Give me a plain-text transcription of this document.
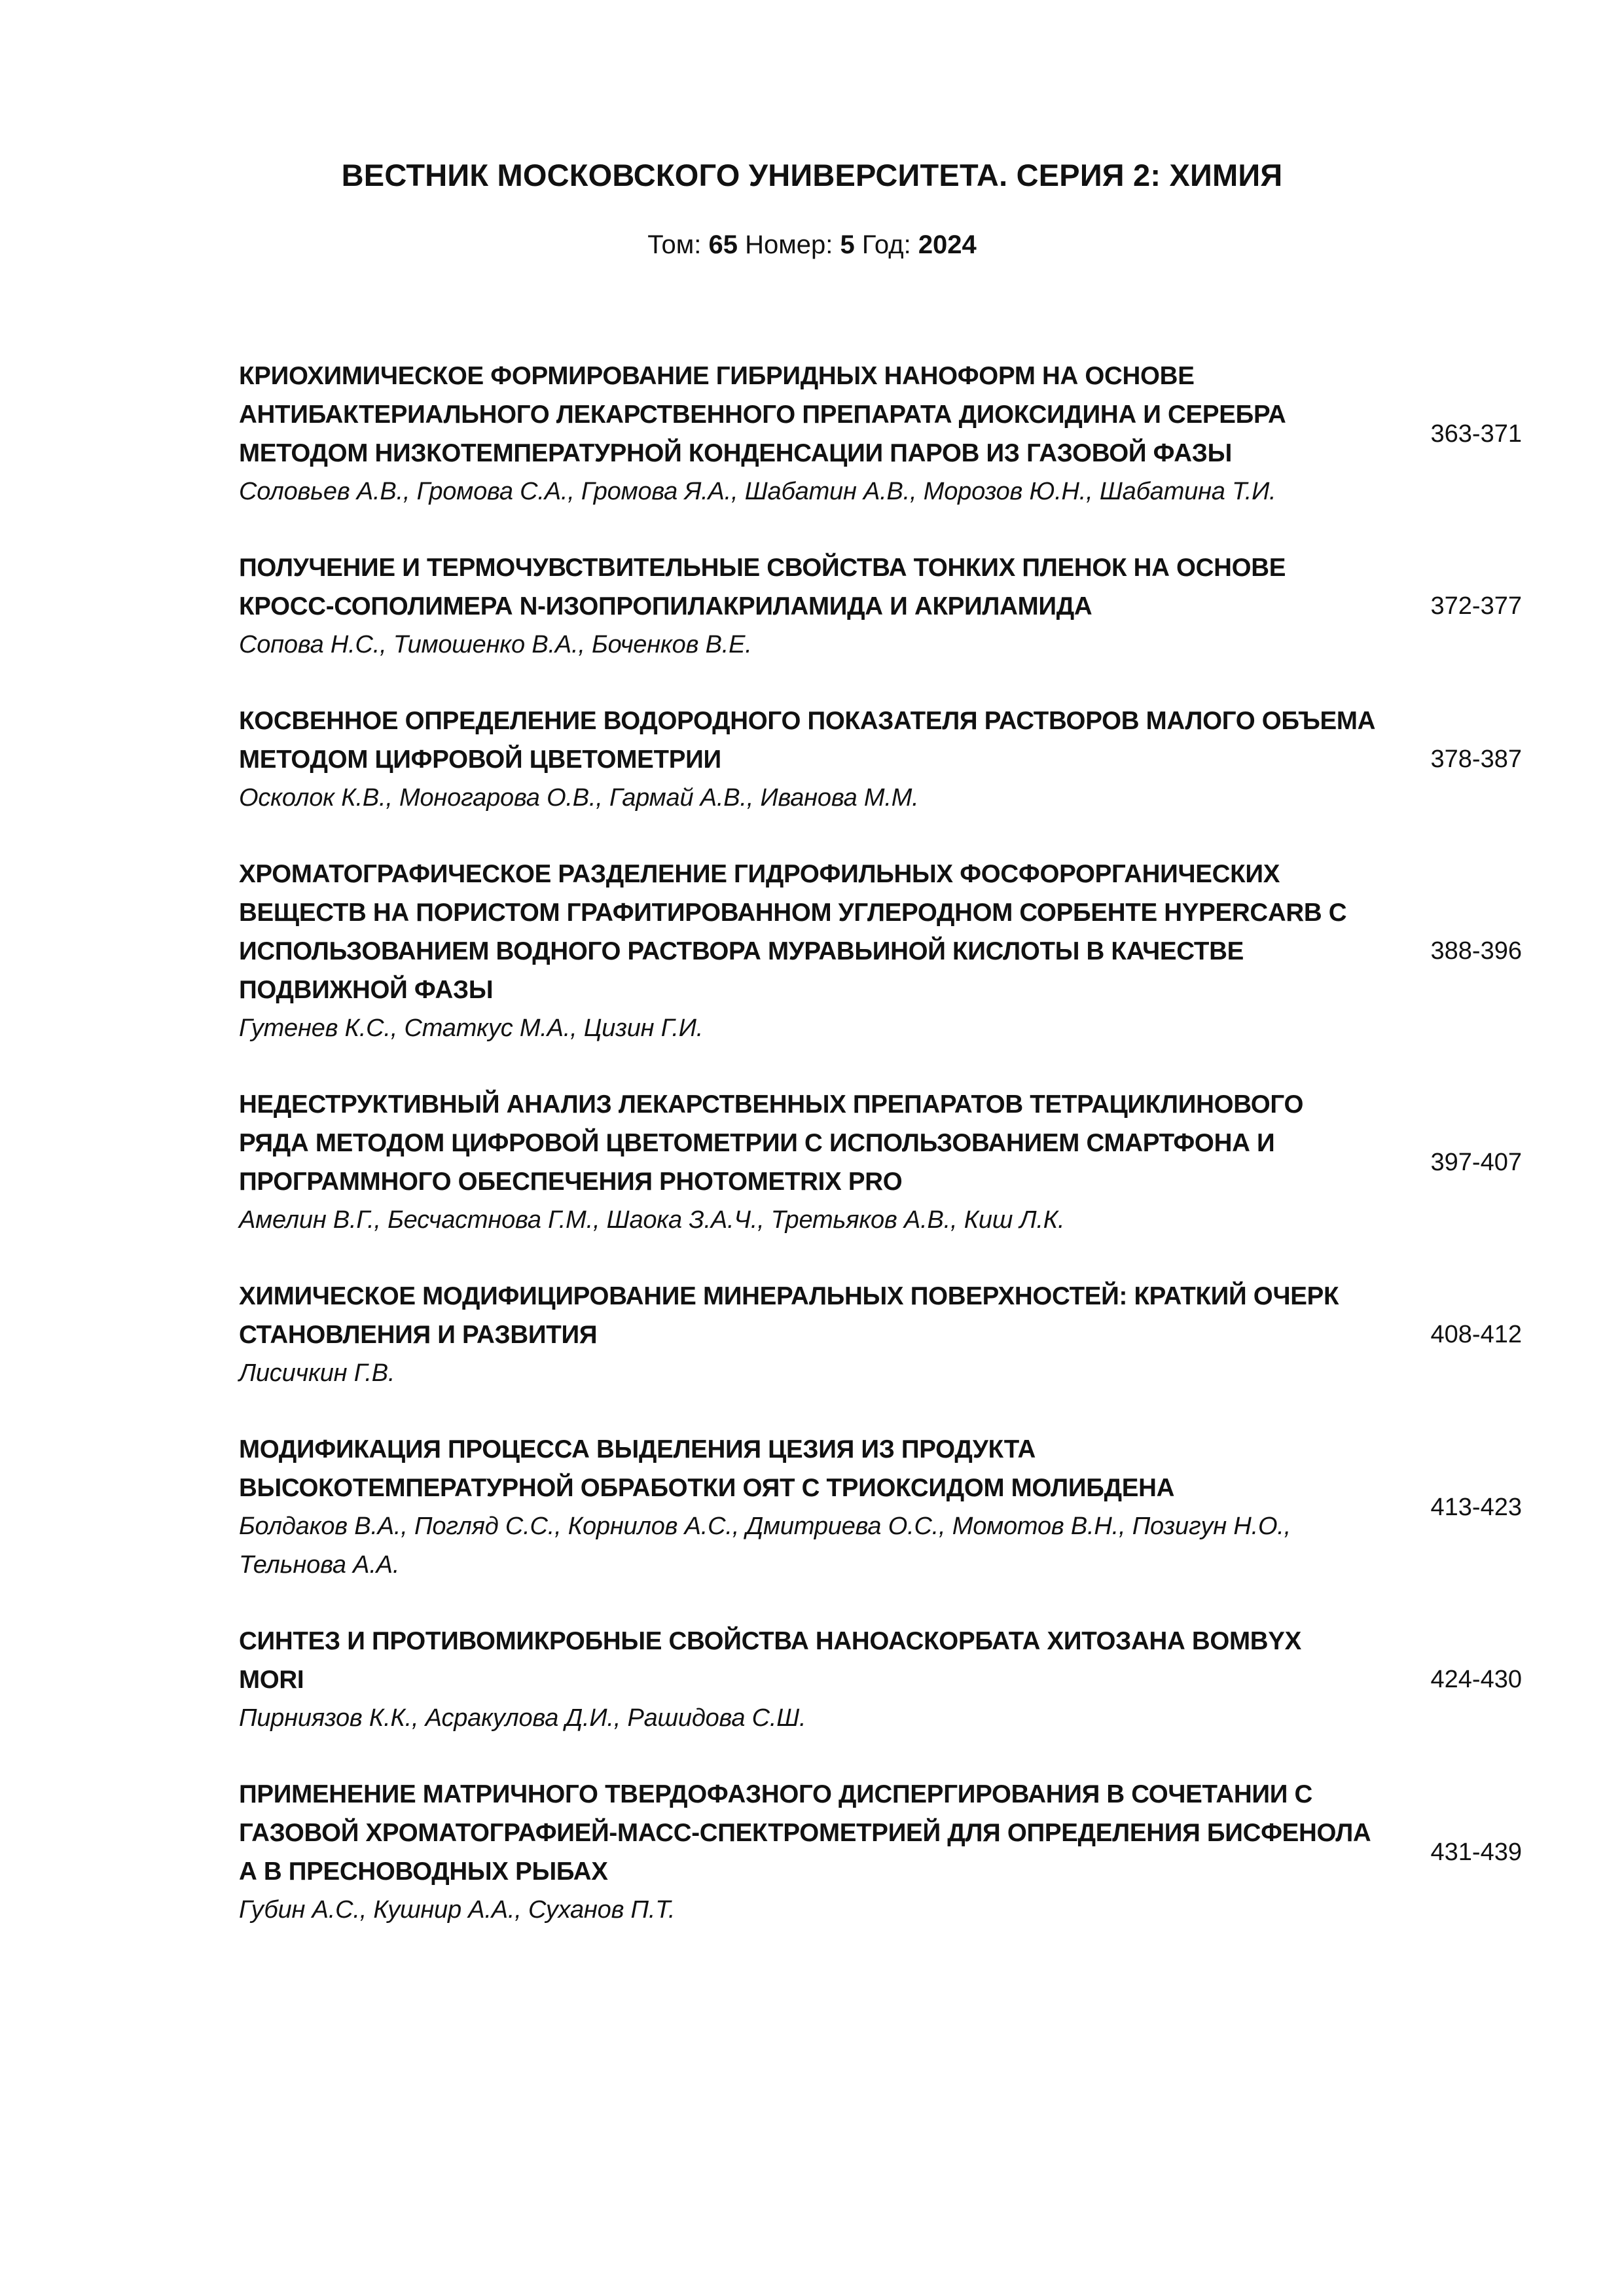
ВЕСТНИК МОСКОВСКОГО УНИВЕРСИТЕТА. СЕРИЯ 2: ХИМИЯ
Том: 65 Номер: 5 Год: 2024
КРИОХИМИЧЕСКОЕ ФОРМИРОВАНИЕ ГИБРИДНЫХ НАНОФОРМ НА ОСНОВЕ
АНТИБАКТЕРИАЛЬНОГО ЛЕКАРСТВЕННОГО ПРЕПАРАТА ДИОКСИДИНА И СЕРЕБРА
МЕТОДОМ НИЗКОТЕМПЕРАТУРНОЙ КОНДЕНСАЦИИ ПАРОВ ИЗ ГАЗОВОЙ ФАЗЫ
Соловьев А.В., Громова С.А., Громова Я.А., Шабатин А.В., Морозов Ю.Н., Шабатина Т.И.
363-371
ПОЛУЧЕНИЕ И ТЕРМОЧУВСТВИТЕЛЬНЫЕ СВОЙСТВА ТОНКИХ ПЛЕНОК НА ОСНОВЕ
КРОСС-СОПОЛИМЕРА N-ИЗОПРОПИЛАКРИЛАМИДА И АКРИЛАМИДА
Сопова Н.С., Тимошенко В.А., Боченков В.Е.
372-377
КОСВЕННОЕ ОПРЕДЕЛЕНИЕ ВОДОРОДНОГО ПОКАЗАТЕЛЯ РАСТВОРОВ МАЛОГО ОБЪЕМА
МЕТОДОМ ЦИФРОВОЙ ЦВЕТОМЕТРИИ
Осколок К.В., Моногарова О.В., Гармай А.В., Иванова М.М.
378-387
ХРОМАТОГРАФИЧЕСКОЕ РАЗДЕЛЕНИЕ ГИДРОФИЛЬНЫХ ФОСФОРОРГАНИЧЕСКИХ
ВЕЩЕСТВ НА ПОРИСТОМ ГРАФИТИРОВАННОМ УГЛЕРОДНОМ СОРБЕНТЕ HYPERCARB С
ИСПОЛЬЗОВАНИЕМ ВОДНОГО РАСТВОРА МУРАВЬИНОЙ КИСЛОТЫ В КАЧЕСТВЕ
ПОДВИЖНОЙ ФАЗЫ
Гутенев К.С., Статкус М.А., Цизин Г.И.
388-396
НЕДЕСТРУКТИВНЫЙ АНАЛИЗ ЛЕКАРСТВЕННЫХ ПРЕПАРАТОВ ТЕТРАЦИКЛИНОВОГО
РЯДА МЕТОДОМ ЦИФРОВОЙ ЦВЕТОМЕТРИИ С ИСПОЛЬЗОВАНИЕМ СМАРТФОНА И
ПРОГРАММНОГО ОБЕСПЕЧЕНИЯ PHOTOMETRIX PRO
Амелин В.Г., Бесчастнова Г.М., Шаока З.А.Ч., Третьяков А.В., Киш Л.К.
397-407
ХИМИЧЕСКОЕ МОДИФИЦИРОВАНИЕ МИНЕРАЛЬНЫХ ПОВЕРХНОСТЕЙ: КРАТКИЙ ОЧЕРК
СТАНОВЛЕНИЯ И РАЗВИТИЯ
Лисичкин Г.В.
408-412
МОДИФИКАЦИЯ ПРОЦЕССА ВЫДЕЛЕНИЯ ЦЕЗИЯ ИЗ ПРОДУКТА
ВЫСОКОТЕМПЕРАТУРНОЙ ОБРАБОТКИ ОЯТ С ТРИОКСИДОМ МОЛИБДЕНА
Болдаков В.А., Погляд С.С., Корнилов А.С., Дмитриева О.С., Момотов В.Н., Позигун Н.О.,
Тельнова А.А.
413-423
СИНТЕЗ И ПРОТИВОМИКРОБНЫЕ СВОЙСТВА НАНОАСКОРБАТА ХИТОЗАНА BOMBYX
MORI
Пирниязов К.К., Асракулова Д.И., Рашидова С.Ш.
424-430
ПРИМЕНЕНИЕ МАТРИЧНОГО ТВЕРДОФАЗНОГО ДИСПЕРГИРОВАНИЯ В СОЧЕТАНИИ С
ГАЗОВОЙ ХРОМАТОГРАФИЕЙ-МАСС-СПЕКТРОМЕТРИЕЙ ДЛЯ ОПРЕДЕЛЕНИЯ БИСФЕНОЛА
А В ПРЕСНОВОДНЫХ РЫБАХ
Губин А.С., Кушнир А.А., Суханов П.Т.
431-439
